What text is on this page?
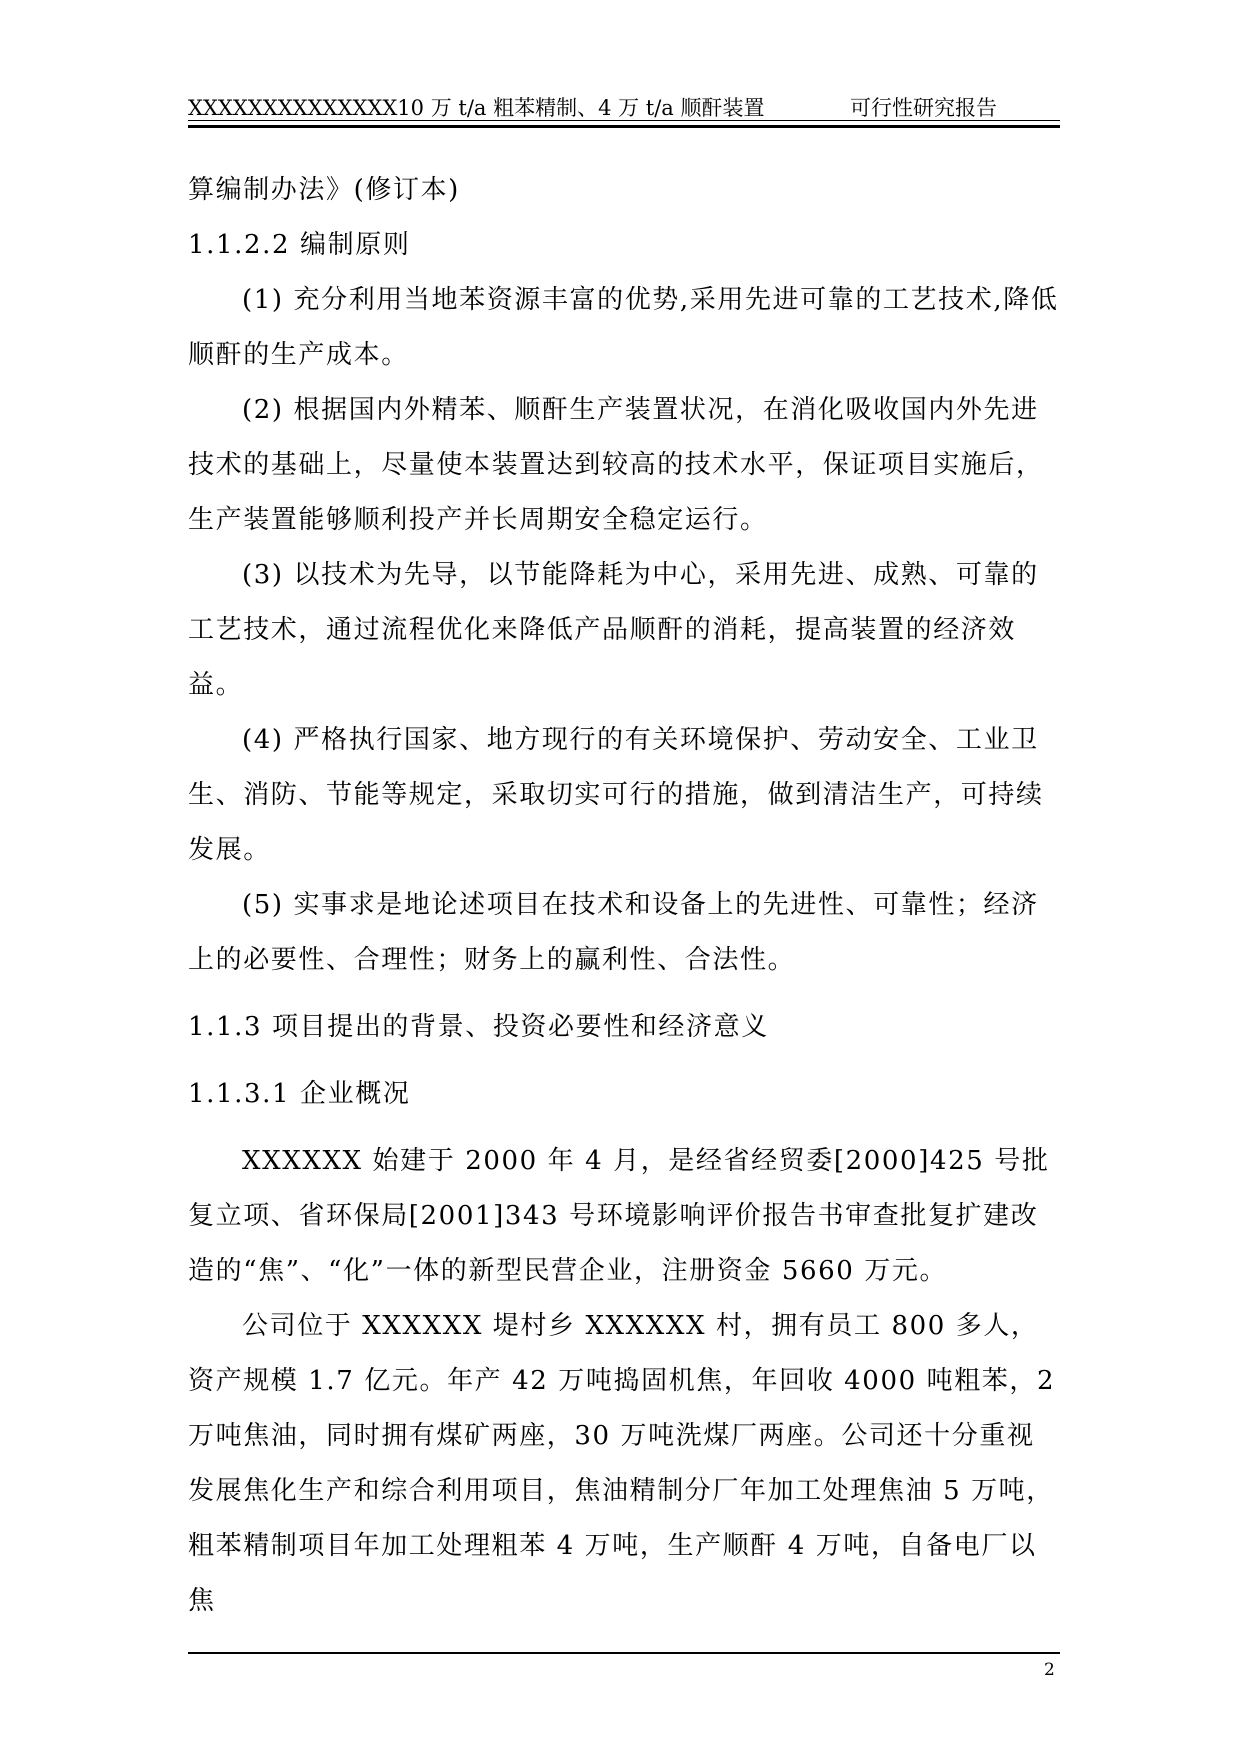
XXXXXXXXXXXXXX10 万 t/a 粗苯精制、4 万 t/a 顺酐装置	可行性研究报告

算编制办法》(修订本)

1.1.2.2 编制原则

(1) 充分利用当地苯资源丰富的优势,采用先进可靠的工艺技术,降低顺酐的生产成本。

(2) 根据国内外精苯、顺酐生产装置状况，在消化吸收国内外先进技术的基础上，尽量使本装置达到较高的技术水平，保证项目实施后，生产装置能够顺利投产并长周期安全稳定运行。

(3) 以技术为先导，以节能降耗为中心，采用先进、成熟、可靠的工艺技术，通过流程优化来降低产品顺酐的消耗，提高装置的经济效益。

(4) 严格执行国家、地方现行的有关环境保护、劳动安全、工业卫生、消防、节能等规定，采取切实可行的措施，做到清洁生产，可持续发展。

(5) 实事求是地论述项目在技术和设备上的先进性、可靠性；经济上的必要性、合理性；财务上的赢利性、合法性。

1.1.3 项目提出的背景、投资必要性和经济意义

1.1.3.1 企业概况

XXXXXX 始建于 2000 年 4 月，是经省经贸委[2000]425 号批复立项、省环保局[2001]343 号环境影响评价报告书审查批复扩建改造的“焦”、“化”一体的新型民营企业，注册资金 5660 万元。

公司位于 XXXXXX 堤村乡 XXXXXX 村，拥有员工 800 多人，资产规模 1.7 亿元。年产 42 万吨捣固机焦，年回收 4000 吨粗苯，2 万吨焦油，同时拥有煤矿两座，30 万吨洗煤厂两座。公司还十分重视发展焦化生产和综合利用项目，焦油精制分厂年加工处理焦油 5 万吨，粗苯精制项目年加工处理粗苯 4 万吨，生产顺酐 4 万吨，自备电厂以焦

2
